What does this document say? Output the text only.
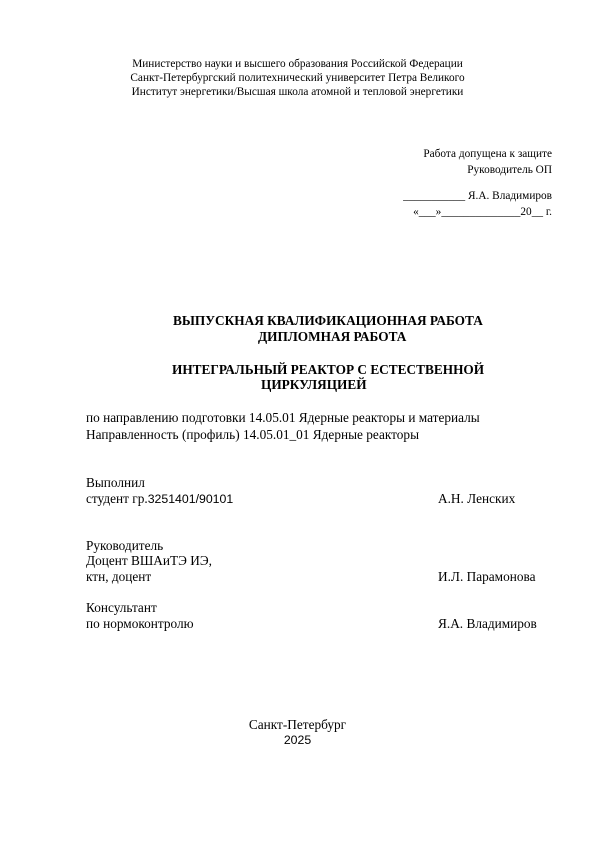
Министерство науки и высшего образования Российской Федерации
Санкт-Петербургский политехнический университет Петра Великого
Институт энергетики/Высшая школа атомной и тепловой энергетики
Работа допущена к защите
Руководитель ОП
___________ Я.А. Владимиров
«___»______________20__ г.
ВЫПУСКНАЯ КВАЛИФИКАЦИОННАЯ РАБОТА
ДИПЛОМНАЯ РАБОТА
ИНТЕГРАЛЬНЫЙ РЕАКТОР С ЕСТЕСТВЕННОЙ
ЦИРКУЛЯЦИЕЙ
по направлению подготовки 14.05.01 Ядерные реакторы и материалы
Направленность (профиль) 14.05.01_01 Ядерные реакторы
Выполнил
студент гр.3251401/90101	А.Н. Ленских
Руководитель
Доцент ВШАиТЭ ИЭ,
ктн, доцент	И.Л. Парамонова
Консультант
по нормоконтролю	Я.А. Владимиров
Санкт-Петербург
2025
